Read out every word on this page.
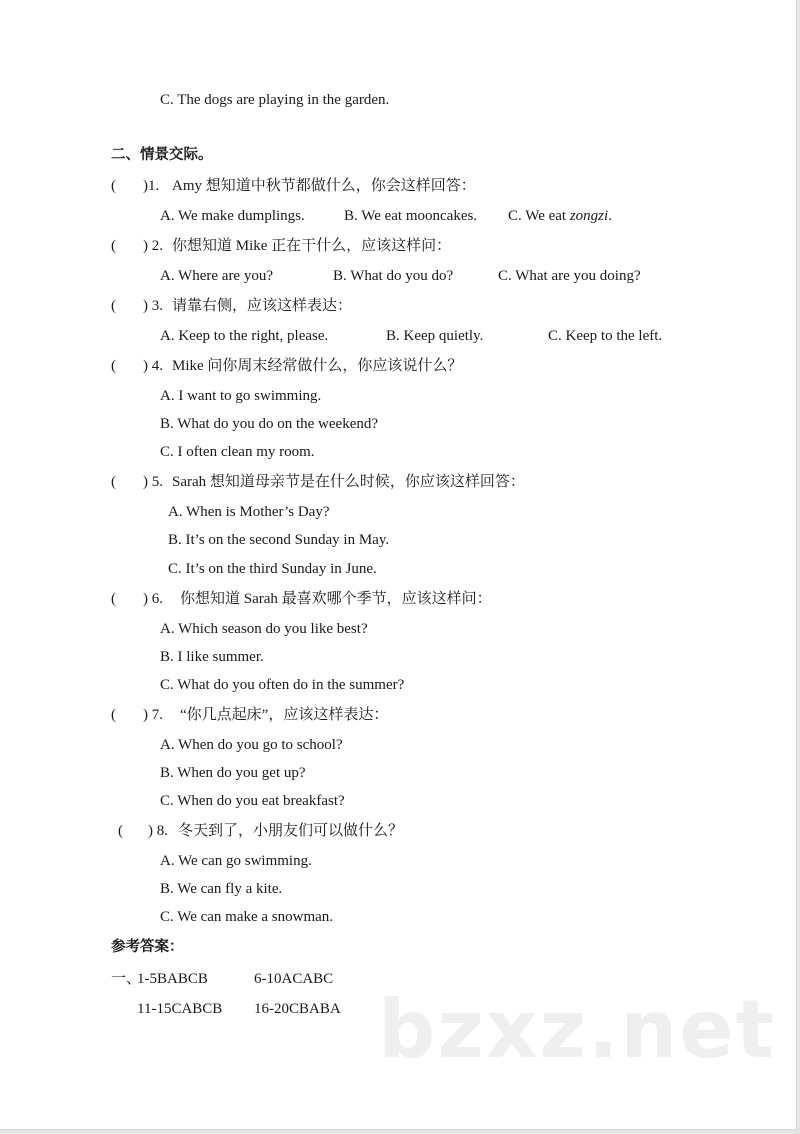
C. The dogs are playing in the garden.
二、情景交际。
( )1. Amy 想知道中秋节都做什么，你会这样回答：
A. We make dumplings.	B. We eat mooncakes. C. We eat zongzi.
( ) 2. 你想知道 Mike 正在干什么，应该这样问：
A. Where are you?	B. What do you do?	C. What are you doing?
( ) 3. 请靠右侧，应该这样表达：
A. Keep to the right, please.	B. Keep quietly.	C. Keep to the left.
( ) 4. Mike 问你周末经常做什么，你应该说什么？
A. I want to go swimming.
B. What do you do on the weekend?
C. I often clean my room.
( ) 5. Sarah 想知道母亲节是在什么时候，你应该这样回答：
A. When is Mother’s Day?
B. It’s on the second Sunday in May.
C. It’s on the third Sunday in June.
( ) 6. 你想知道 Sarah 最喜欢哪个季节，应该这样问：
A. Which season do you like best?
B. I like summer.
C. What do you often do in the summer?
( ) 7. “你几点起床”，应该这样表达：
A. When do you go to school?
B. When do you get up?
C. When do you eat breakfast?
( ) 8. 冬天到了，小朋友们可以做什么？
A. We can go swimming.
B. We can fly a kite.
C. We can make a snowman.
参考答案：
一、
1-5BABCB	6-10ACABC
11-15CABCB 16-20CBABA bzxz.net
